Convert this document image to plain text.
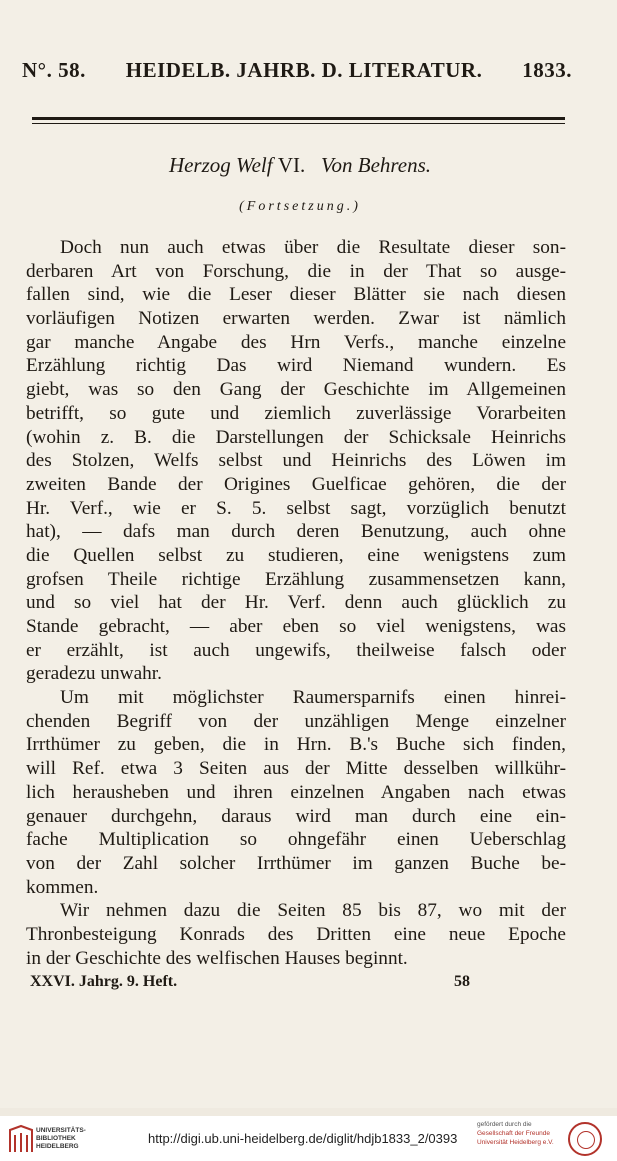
N°. 58. HEIDELB. JAHRB. D. LITERATUR. 1833.
Herzog Welf VI. Von Behrens.
(Fortsetzung.)
Doch nun auch etwas über die Resultate dieser son-
derbaren Art von Forschung, die in der That so ausge-
fallen sind, wie die Leser dieser Blätter sie nach diesen
vorläufigen Notizen erwarten werden. Zwar ist nämlich
gar manche Angabe des Hrn Verfs., manche einzelne
Erzählung richtig Das wird Niemand wundern. Es
giebt, was so den Gang der Geschichte im Allgemeinen
betrifft, so gute und ziemlich zuverlässige Vorarbeiten
(wohin z. B. die Darstellungen der Schicksale Heinrichs
des Stolzen, Welfs selbst und Heinrichs des Löwen im
zweiten Bande der Origines Guelficae gehören, die der
Hr. Verf., wie er S. 5. selbst sagt, vorzüglich benutzt
hat), — dafs man durch deren Benutzung, auch ohne
die Quellen selbst zu studieren, eine wenigstens zum
grofsen Theile richtige Erzählung zusammensetzen kann,
und so viel hat der Hr. Verf. denn auch glücklich zu
Stande gebracht, — aber eben so viel wenigstens, was
er erzählt, ist auch ungewifs, theilweise falsch oder
geradezu unwahr.
Um mit möglichster Raumersparnifs einen hinrei-
chenden Begriff von der unzähligen Menge einzelner
Irrthümer zu geben, die in Hrn. B.'s Buche sich finden,
will Ref. etwa 3 Seiten aus der Mitte desselben willkühr-
lich herausheben und ihren einzelnen Angaben nach etwas
genauer durchgehn, daraus wird man durch eine ein-
fache Multiplication so ohngefähr einen Ueberschlag
von der Zahl solcher Irrthümer im ganzen Buche be-
kommen.
Wir nehmen dazu die Seiten 85 bis 87, wo mit der
Thronbesteigung Konrads des Dritten eine neue Epoche
in der Geschichte des welfischen Hauses beginnt.
XXVI. Jahrg. 9. Heft.	58
UNIVERSITÄTS-
BIBLIOTHEK
HEIDELBERG
http://digi.ub.uni-heidelberg.de/diglit/hdjb1833_2/0393
gefördert durch die
Gesellschaft der Freunde
Universität Heidelberg e.V.
